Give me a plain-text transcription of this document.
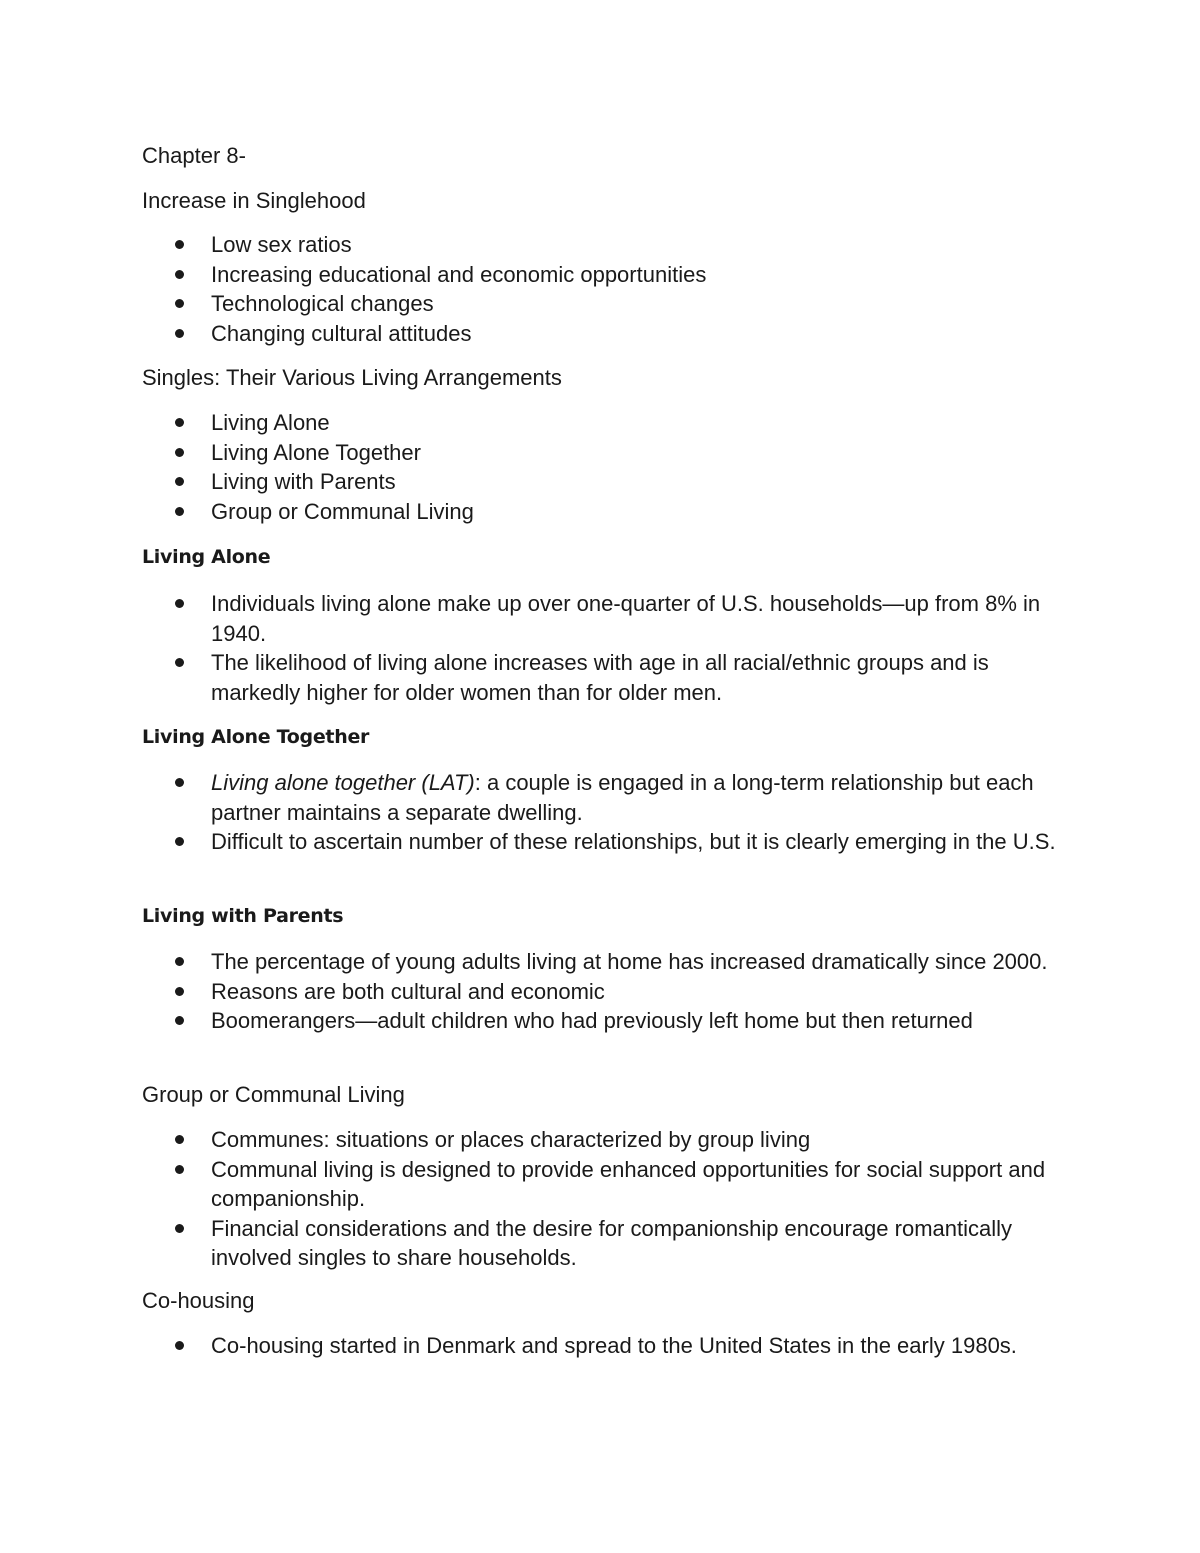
Chapter 8-

Increase in Singlehood

Low sex ratios
Increasing educational and economic opportunities
Technological changes
Changing cultural attitudes

Singles: Their Various Living Arrangements

Living Alone
Living Alone Together
Living with Parents
Group or Communal Living

Living Alone

Individuals living alone make up over one-quarter of U.S. households—up from 8% in 1940.
The likelihood of living alone increases with age in all racial/ethnic groups and is markedly higher for older women than for older men.

Living Alone Together

Living alone together (LAT): a couple is engaged in a long-term relationship but each partner maintains a separate dwelling.
Difficult to ascertain number of these relationships, but it is clearly emerging in the U.S.

Living with Parents

The percentage of young adults living at home has increased dramatically since 2000.
Reasons are both cultural and economic
Boomerangers—adult children who had previously left home but then returned

Group or Communal Living

Communes: situations or places characterized by group living
Communal living is designed to provide enhanced opportunities for social support and companionship.
Financial considerations and the desire for companionship encourage romantically involved singles to share households.

Co-housing

Co-housing started in Denmark and spread to the United States in the early 1980s.
